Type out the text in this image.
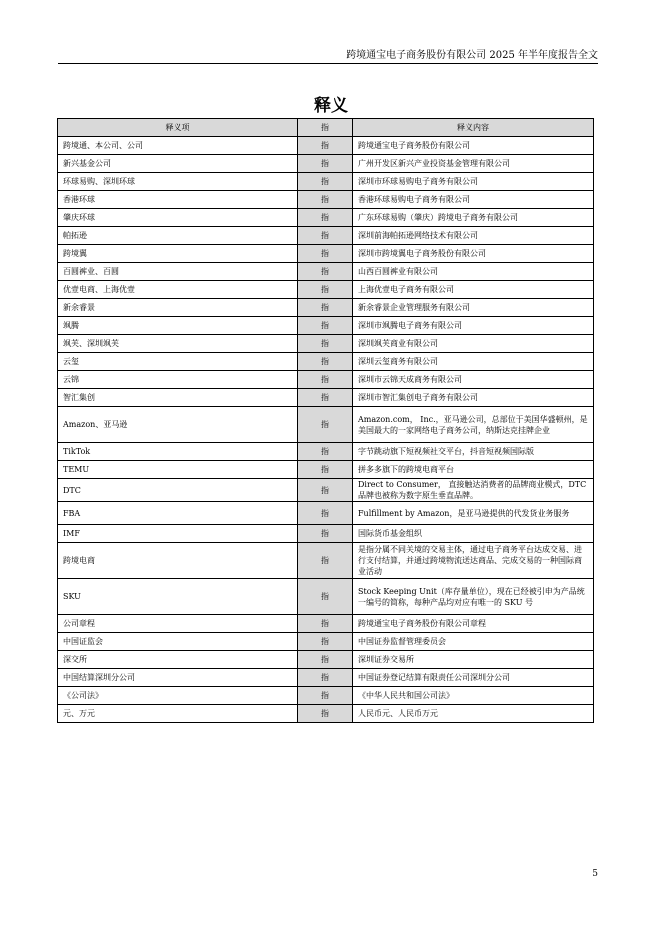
跨境通宝电子商务股份有限公司 2025 年半年度报告全文
释义
释义项	指	释义内容
跨境通、本公司、公司	指	跨境通宝电子商务股份有限公司
新兴基金公司	指	广州开发区新兴产业投资基金管理有限公司
环球易购、深圳环球	指	深圳市环球易购电子商务有限公司
香港环球	指	香港环球易购电子商务有限公司
肇庆环球	指	广东环球易购（肇庆）跨境电子商务有限公司
帕拓逊	指	深圳前海帕拓逊网络技术有限公司
跨境翼	指	深圳市跨境翼电子商务股份有限公司
百圆裤业、百圆	指	山西百圆裤业有限公司
优壹电商、上海优壹	指	上海优壹电子商务有限公司
新余睿景	指	新余睿景企业管理服务有限公司
飒腾	指	深圳市飒腾电子商务有限公司
飒芙、深圳飒芙	指	深圳飒芙商业有限公司
云玺	指	深圳云玺商务有限公司
云锦	指	深圳市云锦天成商务有限公司
智汇集创	指	深圳市智汇集创电子商务有限公司
Amazon、亚马逊	指	Amazon.com， Inc.，亚马逊公司，总部位于美国华盛顿州，是美国最大的一家网络电子商务公司，纳斯达克挂牌企业
TikTok	指	字节跳动旗下短视频社交平台，抖音短视频国际版
TEMU	指	拼多多旗下的跨境电商平台
DTC	指	Direct to Consumer， 直接触达消费者的品牌商业模式，DTC 品牌也被称为数字原生垂直品牌。
FBA	指	Fulfillment by Amazon，是亚马逊提供的代发货业务服务
IMF	指	国际货币基金组织
跨境电商	指	是指分属不同关境的交易主体，通过电子商务平台达成交易、进行支付结算，并通过跨境物流送达商品、完成交易的一种国际商业活动
SKU	指	Stock Keeping Unit（库存量单位），现在已经被引申为产品统一编号的简称，每种产品均对应有唯一的 SKU 号
公司章程	指	跨境通宝电子商务股份有限公司章程
中国证监会	指	中国证券监督管理委员会
深交所	指	深圳证券交易所
中国结算深圳分公司	指	中国证券登记结算有限责任公司深圳分公司
《公司法》	指	《中华人民共和国公司法》
元、万元	指	人民币元、人民币万元
5
